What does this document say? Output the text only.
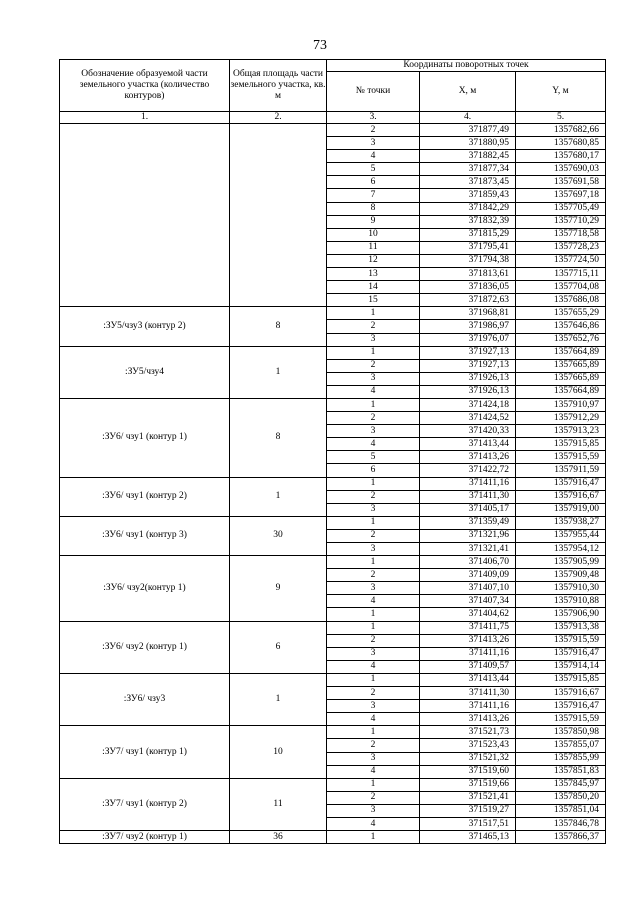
73
Обозначение образуемой части земельного участка (количество контуров)	Общая площадь части земельного участка, кв. м	Координаты поворотных точек		
		№ точки	X, м	Y, м
1.	2.	3.	4.	5.
		2	371877,49	1357682,66
		3	371880,95	1357680,85
		4	371882,45	1357680,17
		5	371877,34	1357690,03
		6	371873,45	1357691,58
		7	371859,43	1357697,18
		8	371842,29	1357705,49
		9	371832,39	1357710,29
		10	371815,29	1357718,58
		11	371795,41	1357728,23
		12	371794,38	1357724,50
		13	371813,61	1357715,11
		14	371836,05	1357704,08
		15	371872,63	1357686,08
:ЗУ5/чзу3 (контур 2)	8	1	371968,81	1357655,29
		2	371986,97	1357646,86
		3	371976,07	1357652,76
:ЗУ5/чзу4	1	1	371927,13	1357664,89
		2	371927,13	1357665,89
		3	371926,13	1357665,89
		4	371926,13	1357664,89
:ЗУ6/ чзу1 (контур 1)	8	1	371424,18	1357910,97
		2	371424,52	1357912,29
		3	371420,33	1357913,23
		4	371413,44	1357915,85
		5	371413,26	1357915,59
		6	371422,72	1357911,59
:ЗУ6/ чзу1 (контур 2)	1	1	371411,16	1357916,47
		2	371411,30	1357916,67
		3	371405,17	1357919,00
:ЗУ6/ чзу1 (контур 3)	30	1	371359,49	1357938,27
		2	371321,96	1357955,44
		3	371321,41	1357954,12
:ЗУ6/ чзу2(контур 1)	9	1	371406,70	1357905,99
		2	371409,09	1357909,48
		3	371407,10	1357910,30
		4	371407,34	1357910,88
		1	371404,62	1357906,90
:ЗУ6/ чзу2 (контур 1)	6	1	371411,75	1357913,38
		2	371413,26	1357915,59
		3	371411,16	1357916,47
		4	371409,57	1357914,14
:ЗУ6/ чзу3	1	1	371413,44	1357915,85
		2	371411,30	1357916,67
		3	371411,16	1357916,47
		4	371413,26	1357915,59
:ЗУ7/ чзу1 (контур 1)	10	1	371521,73	1357850,98
		2	371523,43	1357855,07
		3	371521,32	1357855,99
		4	371519,60	1357851,83
:ЗУ7/ чзу1 (контур 2)	11	1	371519,66	1357845,97
		2	371521,41	1357850,20
		3	371519,27	1357851,04
		4	371517,51	1357846,78
:ЗУ7/ чзу2 (контур 1)	36	1	371465,13	1357866,37
